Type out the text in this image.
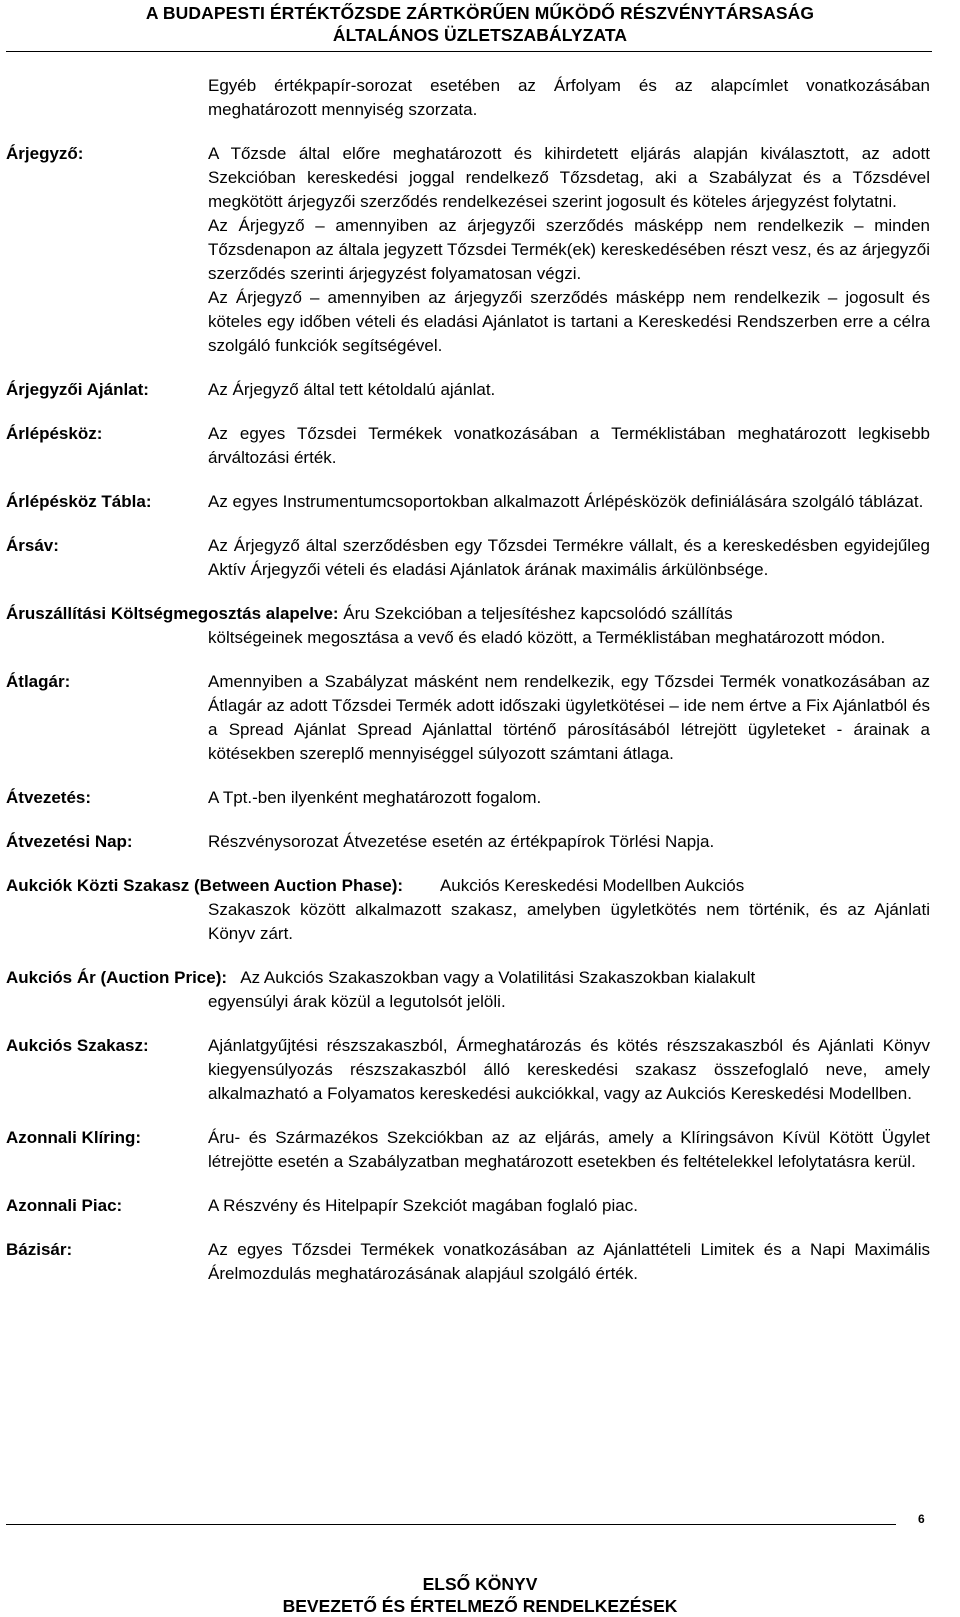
A BUDAPESTI ÉRTÉKTŐZSDE ZÁRTKÖRŰEN MŰKÖDŐ RÉSZVÉNYTÁRSASÁG
ÁLTALÁNOS ÜZLETSZABÁLYZATA
Egyéb értékpapír-sorozat esetében az Árfolyam és az alapcímlet vonatkozásában meghatározott mennyiség szorzata.
Árjegyző:	A Tőzsde által előre meghatározott és kihirdetett eljárás alapján kiválasztott, az adott Szekcióban kereskedési joggal rendelkező Tőzsdetag, aki a Szabályzat és a Tőzsdével megkötött árjegyzői szerződés rendelkezései szerint jogosult és köteles árjegyzést folytatni.

Az Árjegyző – amennyiben az árjegyzői szerződés másképp nem rendelkezik – minden Tőzsdenapon az általa jegyzett Tőzsdei Termék(ek) kereskedésében részt vesz, és az árjegyzői szerződés szerinti árjegyzést folyamatosan végzi.

Az Árjegyző – amennyiben az árjegyzői szerződés másképp nem rendelkezik – jogosult és köteles egy időben vételi és eladási Ajánlatot is tartani a Kereskedési Rendszerben erre a célra szolgáló funkciók segítségével.

Árjegyzői Ajánlat:	Az Árjegyző által tett kétoldalú ajánlat.

Árlépésköz:	Az egyes Tőzsdei Termékek vonatkozásában a Terméklistában meghatározott legkisebb árváltozási érték.

Árlépésköz Tábla:	Az egyes Instrumentumcsoportokban alkalmazott Árlépésközök definiálására szolgáló táblázat.

Ársáv:	Az Árjegyző által szerződésben egy Tőzsdei Termékre vállalt, és a kereskedésben egyidejűleg Aktív Árjegyzői vételi és eladási Ajánlatok árának maximális árkülönbsége.

Áruszállítási Költségmegosztás alapelve: Áru Szekcióban a teljesítéshez kapcsolódó szállítás
költségeinek megosztása a vevő és eladó között, a Terméklistában meghatározott módon.
Átlagár:	Amennyiben a Szabályzat másként nem rendelkezik, egy Tőzsdei Termék vonatkozásában az Átlagár az adott Tőzsdei Termék adott időszaki ügyletkötései – ide nem értve a Fix Ajánlatból és a Spread Ajánlat Spread Ajánlattal történő párosításából létrejött ügyleteket - árainak a kötésekben szereplő mennyiséggel súlyozott számtani átlaga.

Átvezetés:	A Tpt.-ben ilyenként meghatározott fogalom.

Átvezetési Nap:	Részvénysorozat Átvezetése esetén az értékpapírok Törlési Napja.

Aukciók Közti Szakasz (Between Auction Phase): Aukciós Kereskedési Modellben Aukciós
Szakaszok között alkalmazott szakasz, amelyben ügyletkötés nem történik, és az Ajánlati Könyv zárt.
Aukciós Ár (Auction Price): Az Aukciós Szakaszokban vagy a Volatilitási Szakaszokban kialakult
egyensúlyi árak közül a legutolsót jelöli.
Aukciós Szakasz:	Ajánlatgyűjtési részszakaszból, Ármeghatározás és kötés részszakaszból és Ajánlati Könyv kiegyensúlyozás részszakaszból álló kereskedési szakasz összefoglaló neve, amely alkalmazható a Folyamatos kereskedési aukciókkal, vagy az Aukciós Kereskedési Modellben.

Azonnali Klíring:	Áru- és Származékos Szekciókban az az eljárás, amely a Klíringsávon Kívül Kötött Ügylet létrejötte esetén a Szabályzatban meghatározott esetekben és feltételekkel lefolytatásra kerül.

Azonnali Piac:	A Részvény és Hitelpapír Szekciót magában foglaló piac.

Bázisár:	Az egyes Tőzsdei Termékek vonatkozásában az Ajánlattételi Limitek és a Napi Maximális Árelmozdulás meghatározásának alapjául szolgáló érték.

6
ELSŐ KÖNYV
BEVEZETŐ ÉS ÉRTELMEZŐ RENDELKEZÉSEK
